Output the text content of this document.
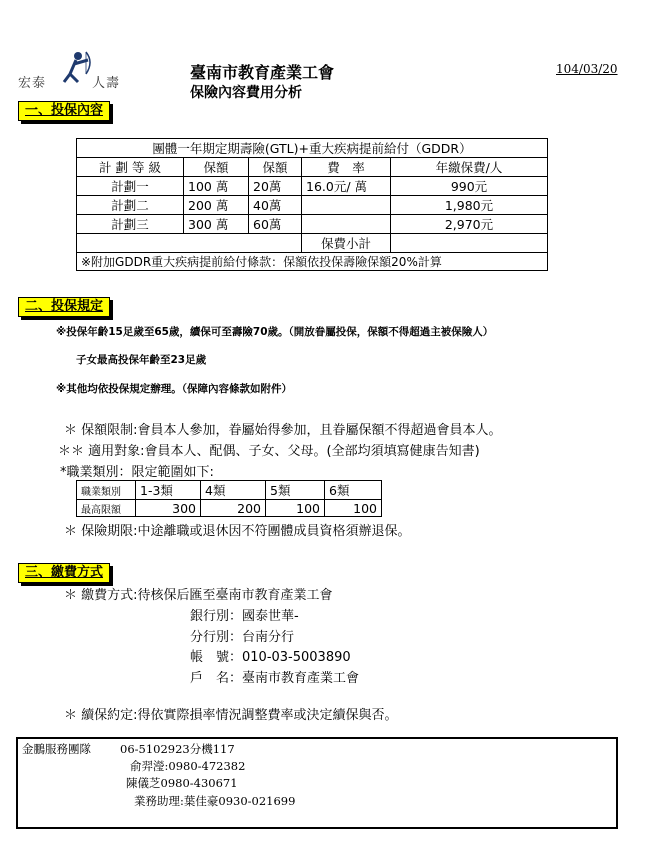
宏泰	人壽
臺南市教育產業工會
保險內容費用分析
104/03/20
一、投保內容
團體一年期定期壽險(GTL)+重大疾病提前給付（GDDR）				
計 劃 等 級	保額	保額	費　率	年繳保費/人
計劃一	100 萬	20萬	16.0元/ 萬	990元
計劃二	200 萬	40萬		1,980元
計劃三	300 萬	60萬		2,970元
			保費小計	
※附加GDDR重大疾病提前給付條款：保額依投保壽險保額20%計算				
二、投保規定
※投保年齡15足歲至65歲，續保可至壽險70歲。（開放眷屬投保，保額不得超過主被保險人）
子女最高投保年齡至23足歲
※其他均依投保規定辦理。（保障內容條款如附件）
＊ 保額限制:會員本人參加，眷屬始得參加，且眷屬保額不得超過會員本人。
＊＊ 適用對象:會員本人、配偶、子女、父母。(全部均須填寫健康告知書)
*職業類別：限定範圍如下:
職業類別	1-3類	4類	5類	6類
最高限額	300	200	100	100
＊ 保險期限:中途離職或退休因不符團體成員資格須辦退保。
三、繳費方式
＊ 繳費方式:待核保后匯至臺南市教育產業工會
銀行別：國泰世華-
分行別：台南分行
帳　號：010-03-5003890
戶　名：臺南市教育產業工會
＊ 續保約定:得依實際損率情況調整費率或決定續保與否。
金鵬服務團隊	06-5102923分機117
俞羿瀅:0980-472382
陳儀芝0980-430671
業務助理:葉佳豪0930-021699
